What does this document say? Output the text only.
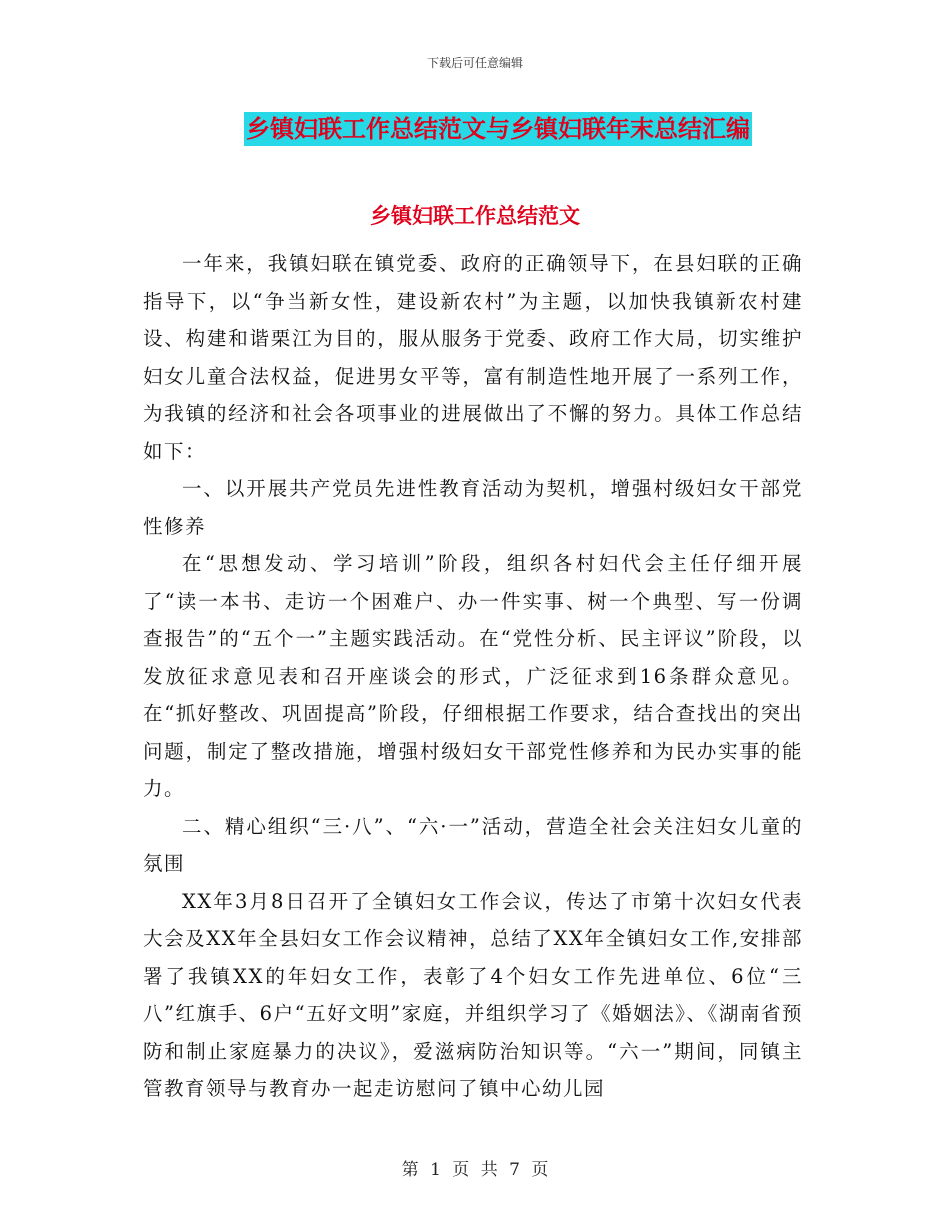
下载后可任意编辑
乡镇妇联工作总结范文与乡镇妇联年末总结汇编
乡镇妇联工作总结范文

一年来，我镇妇联在镇党委、政府的正确领导下，在县妇联的正确指导下，以“争当新女性，建设新农村”为主题，以加快我镇新农村建设、构建和谐栗江为目的，服从服务于党委、政府工作大局，切实维护妇女儿童合法权益，促进男女平等，富有制造性地开展了一系列工作，为我镇的经济和社会各项事业的进展做出了不懈的努力。具体工作总结如下：

一、以开展共产党员先进性教育活动为契机，增强村级妇女干部党性修养

在“思想发动、学习培训”阶段，组织各村妇代会主任仔细开展了“读一本书、走访一个困难户、办一件实事、树一个典型、写一份调查报告”的“五个一”主题实践活动。在“党性分析、民主评议”阶段，以发放征求意见表和召开座谈会的形式，广泛征求到16条群众意见。在“抓好整改、巩固提高”阶段，仔细根据工作要求，结合查找出的突出问题，制定了整改措施，增强村级妇女干部党性修养和为民办实事的能力。

二、精心组织“三·八”、“六·一”活动，营造全社会关注妇女儿童的氛围

XX年3月8日召开了全镇妇女工作会议，传达了市第十次妇女代表大会及XX年全县妇女工作会议精神，总结了XX年全镇妇女工作,安排部署了我镇XX的年妇女工作，表彰了4个妇女工作先进单位、6位“三八”红旗手、6户“五好文明”家庭，并组织学习了《婚姻法》、《湖南省预防和制止家庭暴力的决议》，爱滋病防治知识等。“六一”期间，同镇主管教育领导与教育办一起走访慰问了镇中心幼儿园

第 1 页 共 7 页
